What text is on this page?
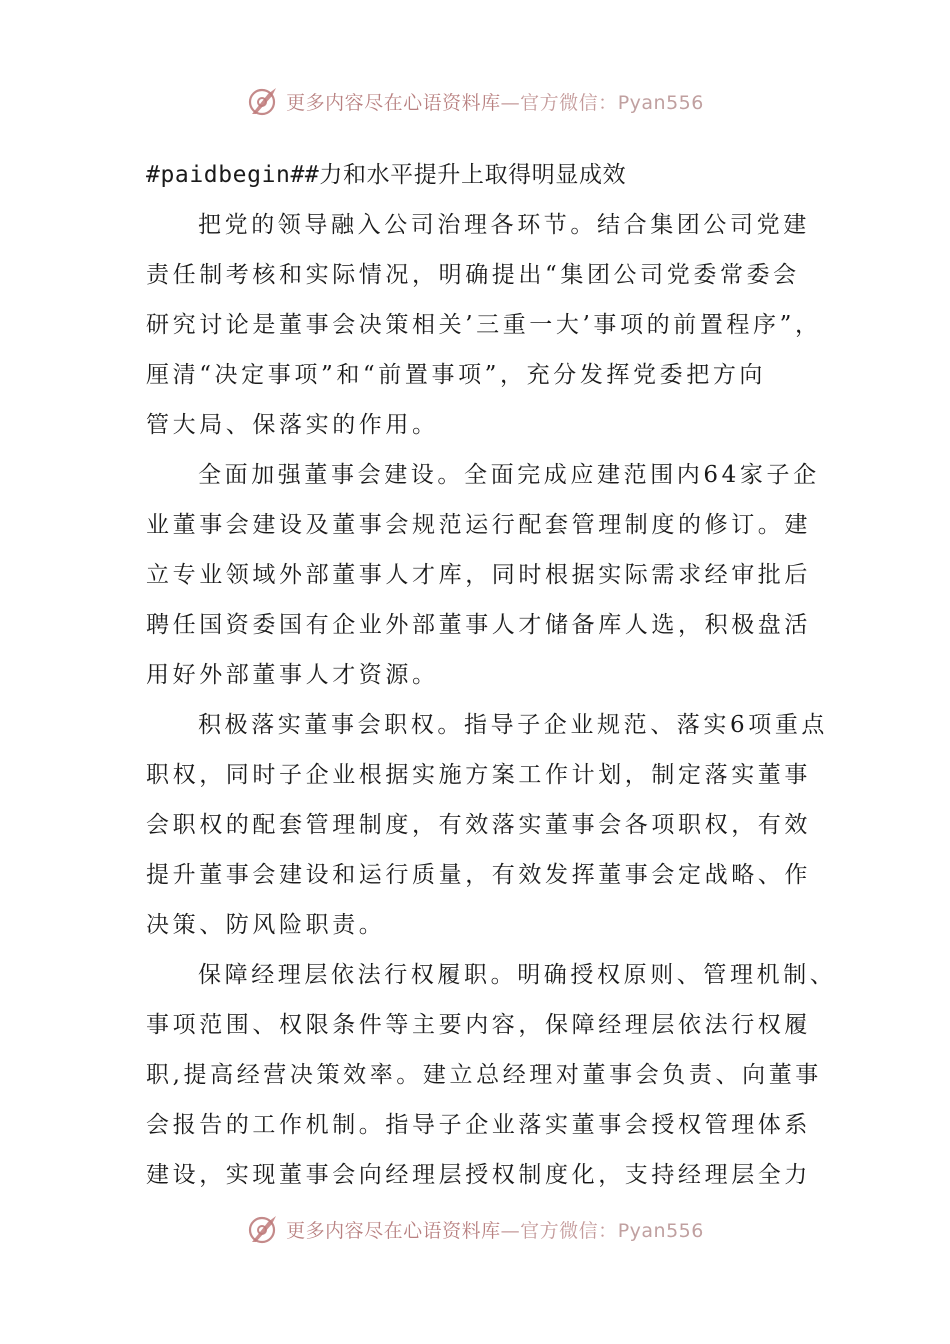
更多内容尽在心语资料库—官方微信：Pyan556
#paidbegin##力和水平提升上取得明显成效
把党的领导融入公司治理各环节。结合集团公司党建
责任制考核和实际情况，明确提出“集团公司党委常委会
研究讨论是董事会决策相关’三重一大’事项的前置程序”，
厘清“决定事项”和“前置事项”，充分发挥党委把方向
管大局、保落实的作用。
全面加强董事会建设。全面完成应建范围内64家子企
业董事会建设及董事会规范运行配套管理制度的修订。建
立专业领域外部董事人才库，同时根据实际需求经审批后
聘任国资委国有企业外部董事人才储备库人选，积极盘活
用好外部董事人才资源。
积极落实董事会职权。指导子企业规范、落实6项重点
职权，同时子企业根据实施方案工作计划，制定落实董事
会职权的配套管理制度，有效落实董事会各项职权，有效
提升董事会建设和运行质量，有效发挥董事会定战略、作
决策、防风险职责。
保障经理层依法行权履职。明确授权原则、管理机制、
事项范围、权限条件等主要内容，保障经理层依法行权履
职,提高经营决策效率。建立总经理对董事会负责、向董事
会报告的工作机制。指导子企业落实董事会授权管理体系
建设，实现董事会向经理层授权制度化，支持经理层全力
更多内容尽在心语资料库—官方微信：Pyan556
